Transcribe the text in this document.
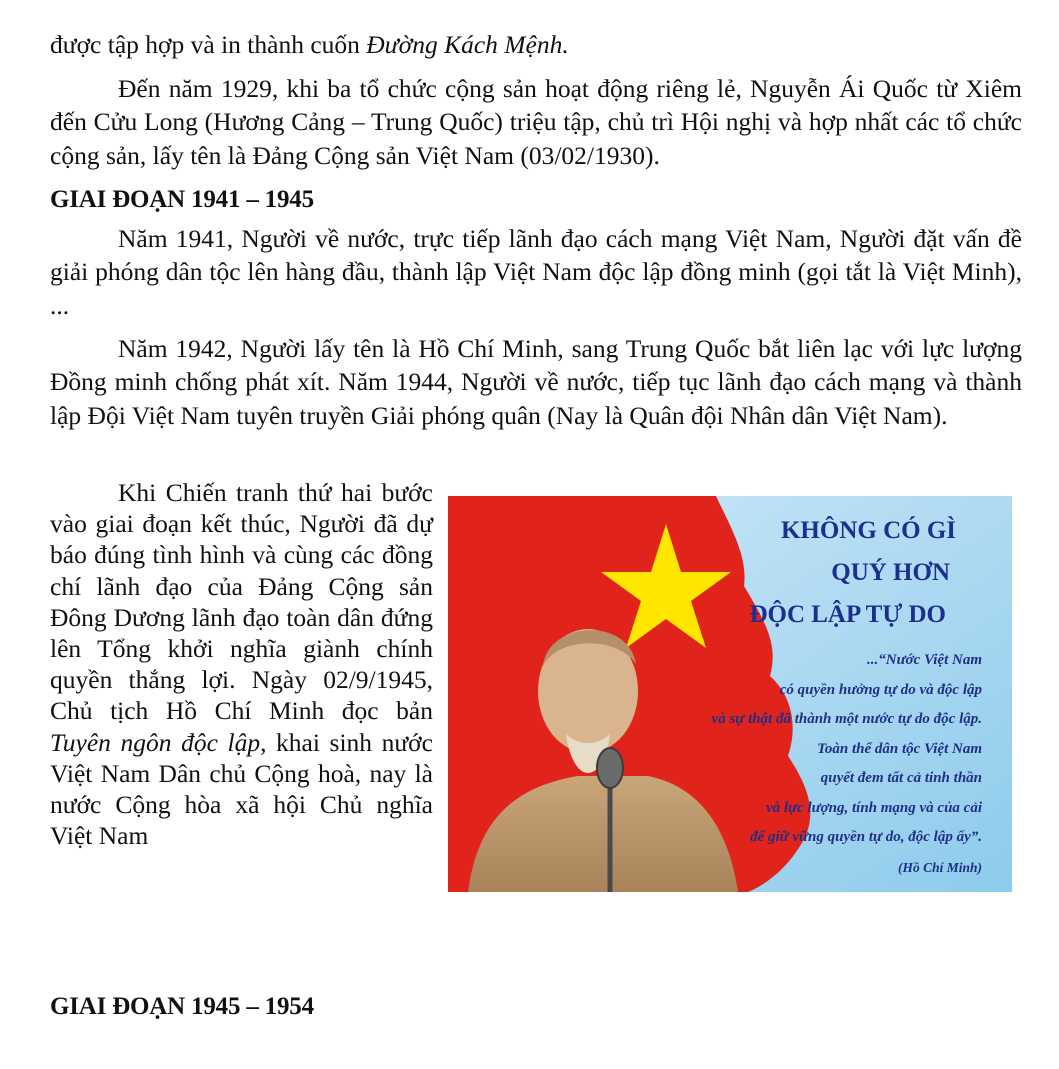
được tập hợp và in thành cuốn Đường Kách Mệnh.

Đến năm 1929, khi ba tổ chức cộng sản hoạt động riêng lẻ, Nguyễn Ái Quốc từ Xiêm đến Cửu Long (Hương Cảng – Trung Quốc) triệu tập, chủ trì Hội nghị và hợp nhất các tổ chức cộng sản, lấy tên là Đảng Cộng sản Việt Nam (03/02/1930).

GIAI ĐOẠN 1941 – 1945

Năm 1941, Người về nước, trực tiếp lãnh đạo cách mạng Việt Nam, Người đặt vấn đề giải phóng dân tộc lên hàng đầu, thành lập Việt Nam độc lập đồng minh (gọi tắt là Việt Minh), ...

Năm 1942, Người lấy tên là Hồ Chí Minh, sang Trung Quốc bắt liên lạc với lực lượng Đồng minh chống phát xít. Năm 1944, Người về nước, tiếp tục lãnh đạo cách mạng và thành lập Đội Việt Nam tuyên truyền Giải phóng quân (Nay là Quân đội Nhân dân Việt Nam).

Khi Chiến tranh thứ hai bước vào giai đoạn kết thúc, Người đã dự báo đúng tình hình và cùng các đồng chí lãnh đạo của Đảng Cộng sản Đông Dương lãnh đạo toàn dân đứng lên Tổng khởi nghĩa giành chính quyền thắng lợi. Ngày 02/9/1945, Chủ tịch Hồ Chí Minh đọc bản Tuyên ngôn độc lập, khai sinh nước Việt Nam Dân chủ Cộng hoà, nay là nước Cộng hòa xã hội Chủ nghĩa Việt Nam

KHÔNG CÓ GÌ
QUÝ HƠN
ĐỘC LẬP TỰ DO
...“Nước Việt Nam
có quyền hưởng tự do và độc lập
và sự thật đã thành một nước tự do độc lập.
Toàn thể dân tộc Việt Nam
quyết đem tất cả tinh thần
và lực lượng, tính mạng và của cải
để giữ vững quyền tự do, độc lập ấy”.
(Hồ Chí Minh)
GIAI ĐOẠN 1945 – 1954
